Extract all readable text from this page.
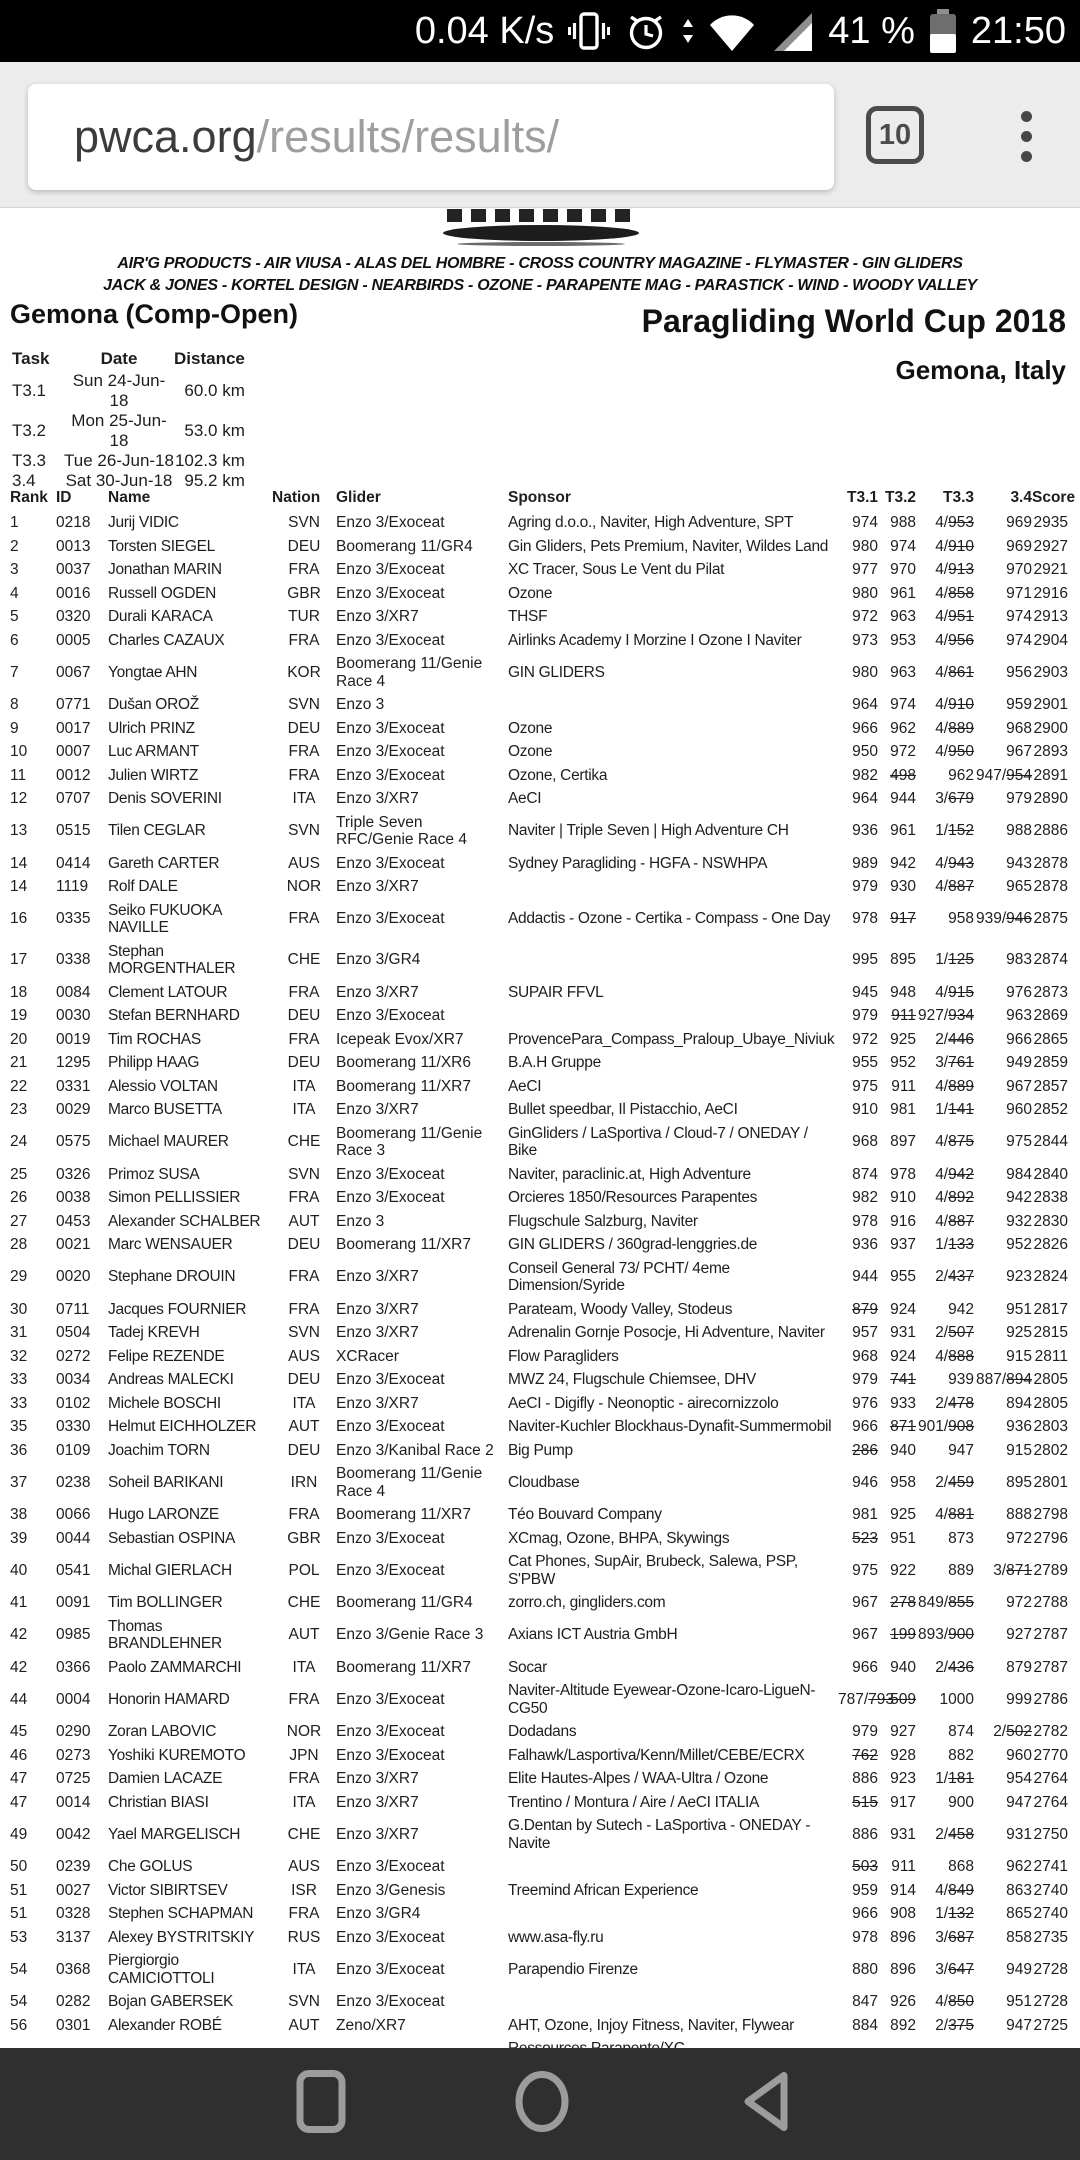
0.04 K/s	41 % 21:50
pwca.org/results/results/	10
AIR'G PRODUCTS - AIR VIUSA - ALAS DEL HOMBRE - CROSS COUNTRY MAGAZINE - FLYMASTER - GIN GLIDERS
JACK & JONES - KORTEL DESIGN - NEARBIRDS - OZONE - PARAPENTE MAG - PARASTICK - WIND - WOODY VALLEY
Gemona (Comp-Open)	Paragliding World Cup 2018
Gemona, Italy
Task	Date	Distance
T3.1	Sun 24-Jun-18	60.0 km
T3.2	Mon 25-Jun-18	53.0 km
T3.3	Tue 26-Jun-18	102.3 km
3.4	Sat 30-Jun-18	95.2 km
Rank	ID	Name	Nation	Glider	Sponsor	T3.1	T3.2	T3.3	3.4	Score
1	0218	Jurij VIDIC	SVN	Enzo 3/Exoceat	Agring d.o.o., Naviter, High Adventure, SPT	974	988	4/953	969	2935
2	0013	Torsten SIEGEL	DEU	Boomerang 11/GR4	Gin Gliders, Pets Premium, Naviter, Wildes Land	980	974	4/910	969	2927
3	0037	Jonathan MARIN	FRA	Enzo 3/Exoceat	XC Tracer, Sous Le Vent du Pilat	977	970	4/913	970	2921
4	0016	Russell OGDEN	GBR	Enzo 3/Exoceat	Ozone	980	961	4/858	971	2916
5	0320	Durali KARACA	TUR	Enzo 3/XR7	THSF	972	963	4/951	974	2913
6	0005	Charles CAZAUX	FRA	Enzo 3/Exoceat	Airlinks Academy I Morzine I Ozone I Naviter	973	953	4/956	974	2904
7	0067	Yongtae AHN	KOR	Boomerang 11/Genie Race 4	GIN GLIDERS	980	963	4/861	956	2903
8	0771	Dušan OROŽ	SVN	Enzo 3		964	974	4/910	959	2901
9	0017	Ulrich PRINZ	DEU	Enzo 3/Exoceat	Ozone	966	962	4/889	968	2900
10	0007	Luc ARMANT	FRA	Enzo 3/Exoceat	Ozone	950	972	4/950	967	2893
11	0012	Julien WIRTZ	FRA	Enzo 3/Exoceat	Ozone, Certika	982	498	962	947/954	2891
12	0707	Denis SOVERINI	ITA	Enzo 3/XR7	AeCI	964	944	3/679	979	2890
13	0515	Tilen CEGLAR	SVN	Triple Seven RFC/Genie Race 4	Naviter | Triple Seven | High Adventure CH	936	961	1/152	988	2886
14	0414	Gareth CARTER	AUS	Enzo 3/Exoceat	Sydney Paragliding - HGFA - NSWHPA	989	942	4/943	943	2878
14	1119	Rolf DALE	NOR	Enzo 3/XR7		979	930	4/887	965	2878
16	0335	Seiko FUKUOKA NAVILLE	FRA	Enzo 3/Exoceat	Addactis - Ozone - Certika - Compass - One Day	978	917	958	939/946	2875
17	0338	Stephan MORGENTHALER	CHE	Enzo 3/GR4		995	895	1/125	983	2874
18	0084	Clement LATOUR	FRA	Enzo 3/XR7	SUPAIR FFVL	945	948	4/915	976	2873
19	0030	Stefan BERNHARD	DEU	Enzo 3/Exoceat		979	911	927/934	963	2869
20	0019	Tim ROCHAS	FRA	Icepeak Evox/XR7	ProvencePara_Compass_Praloup_Ubaye_Niviuk	972	925	2/446	966	2865
21	1295	Philipp HAAG	DEU	Boomerang 11/XR6	B.A.H Gruppe	955	952	3/761	949	2859
22	0331	Alessio VOLTAN	ITA	Boomerang 11/XR7	AeCI	975	911	4/889	967	2857
23	0029	Marco BUSETTA	ITA	Enzo 3/XR7	Bullet speedbar, Il Pistacchio, AeCI	910	981	1/141	960	2852
24	0575	Michael MAURER	CHE	Boomerang 11/Genie Race 3	GinGliders / LaSportiva / Cloud-7 / ONEDAY / Bike	968	897	4/875	975	2844
25	0326	Primoz SUSA	SVN	Enzo 3/Exoceat	Naviter, paraclinic.at, High Adventure	874	978	4/942	984	2840
26	0038	Simon PELLISSIER	FRA	Enzo 3/Exoceat	Orcieres 1850/Resources Parapentes	982	910	4/892	942	2838
27	0453	Alexander SCHALBER	AUT	Enzo 3	Flugschule Salzburg, Naviter	978	916	4/887	932	2830
28	0021	Marc WENSAUER	DEU	Boomerang 11/XR7	GIN GLIDERS / 360grad-lenggries.de	936	937	1/133	952	2826
29	0020	Stephane DROUIN	FRA	Enzo 3/XR7	Conseil General 73/ PCHT/ 4eme Dimension/Syride	944	955	2/437	923	2824
30	0711	Jacques FOURNIER	FRA	Enzo 3/XR7	Parateam, Woody Valley, Stodeus	879	924	942	951	2817
31	0504	Tadej KREVH	SVN	Enzo 3/XR7	Adrenalin Gornje Posocje, Hi Adventure, Naviter	957	931	2/507	925	2815
32	0272	Felipe REZENDE	AUS	XCRacer	Flow Paragliders	968	924	4/888	915	2811
33	0034	Andreas MALECKI	DEU	Enzo 3/Exoceat	MWZ 24, Flugschule Chiemsee, DHV	979	741	939	887/894	2805
33	0102	Michele BOSCHI	ITA	Enzo 3/XR7	AeCI - Digifly - Neonoptic - airecornizzolo	976	933	2/478	894	2805
35	0330	Helmut EICHHOLZER	AUT	Enzo 3/Exoceat	Naviter-Kuchler Blockhaus-Dynafit-Summermobil	966	871	901/908	936	2803
36	0109	Joachim TORN	DEU	Enzo 3/Kanibal Race 2	Big Pump	286	940	947	915	2802
37	0238	Soheil BARIKANI	IRN	Boomerang 11/Genie Race 4	Cloudbase	946	958	2/459	895	2801
38	0066	Hugo LARONZE	FRA	Boomerang 11/XR7	Téo Bouvard Company	981	925	4/881	888	2798
39	0044	Sebastian OSPINA	GBR	Enzo 3/Exoceat	XCmag, Ozone, BHPA, Skywings	523	951	873	972	2796
40	0541	Michal GIERLACH	POL	Enzo 3/Exoceat	Cat Phones, SupAir, Brubeck, Salewa, PSP, S'PBW	975	922	889	3/871	2789
41	0091	Tim BOLLINGER	CHE	Boomerang 11/GR4	zorro.ch, gingliders.com	967	278	849/855	972	2788
42	0985	Thomas BRANDLEHNER	AUT	Enzo 3/Genie Race 3	Axians ICT Austria GmbH	967	199	893/900	927	2787
42	0366	Paolo ZAMMARCHI	ITA	Boomerang 11/XR7	Socar	966	940	2/436	879	2787
44	0004	Honorin HAMARD	FRA	Enzo 3/Exoceat	Naviter-Altitude Eyewear-Ozone-Icaro-LigueN-CG50	787/793	509	1000	999	2786
45	0290	Zoran LABOVIC	NOR	Enzo 3/Exoceat	Dodadans	979	927	874	2/502	2782
46	0273	Yoshiki KUREMOTO	JPN	Enzo 3/Exoceat	Falhawk/Lasportiva/Kenn/Millet/CEBE/ECRX	762	928	882	960	2770
47	0725	Damien LACAZE	FRA	Enzo 3/XR7	Elite Hautes-Alpes / WAA-Ultra / Ozone	886	923	1/181	954	2764
47	0014	Christian BIASI	ITA	Enzo 3/XR7	Trentino / Montura / Aire / AeCI ITALIA	515	917	900	947	2764
49	0042	Yael MARGELISCH	CHE	Enzo 3/XR7	G.Dentan by Sutech - LaSportiva - ONEDAY - Navite	886	931	2/458	931	2750
50	0239	Che GOLUS	AUS	Enzo 3/Exoceat		503	911	868	962	2741
51	0027	Victor SIBIRTSEV	ISR	Enzo 3/Genesis	Treemind African Experience	959	914	4/849	863	2740
51	0328	Stephen SCHAPMAN	FRA	Enzo 3/GR4		966	908	1/132	865	2740
53	3137	Alexey BYSTRITSKIY	RUS	Enzo 3/Exoceat	www.asa-fly.ru	978	896	3/687	858	2735
54	0368	Piergiorgio CAMICIOTTOLI	ITA	Enzo 3/Exoceat	Parapendio Firenze	880	896	3/647	949	2728
54	0282	Bojan GABERSEK	SVN	Enzo 3/Exoceat		847	926	4/850	951	2728
56	0301	Alexander ROBÉ	AUT	Zeno/XR7	AHT, Ozone, Injoy Fitness, Naviter, Flywear	884	892	2/375	947	2725
